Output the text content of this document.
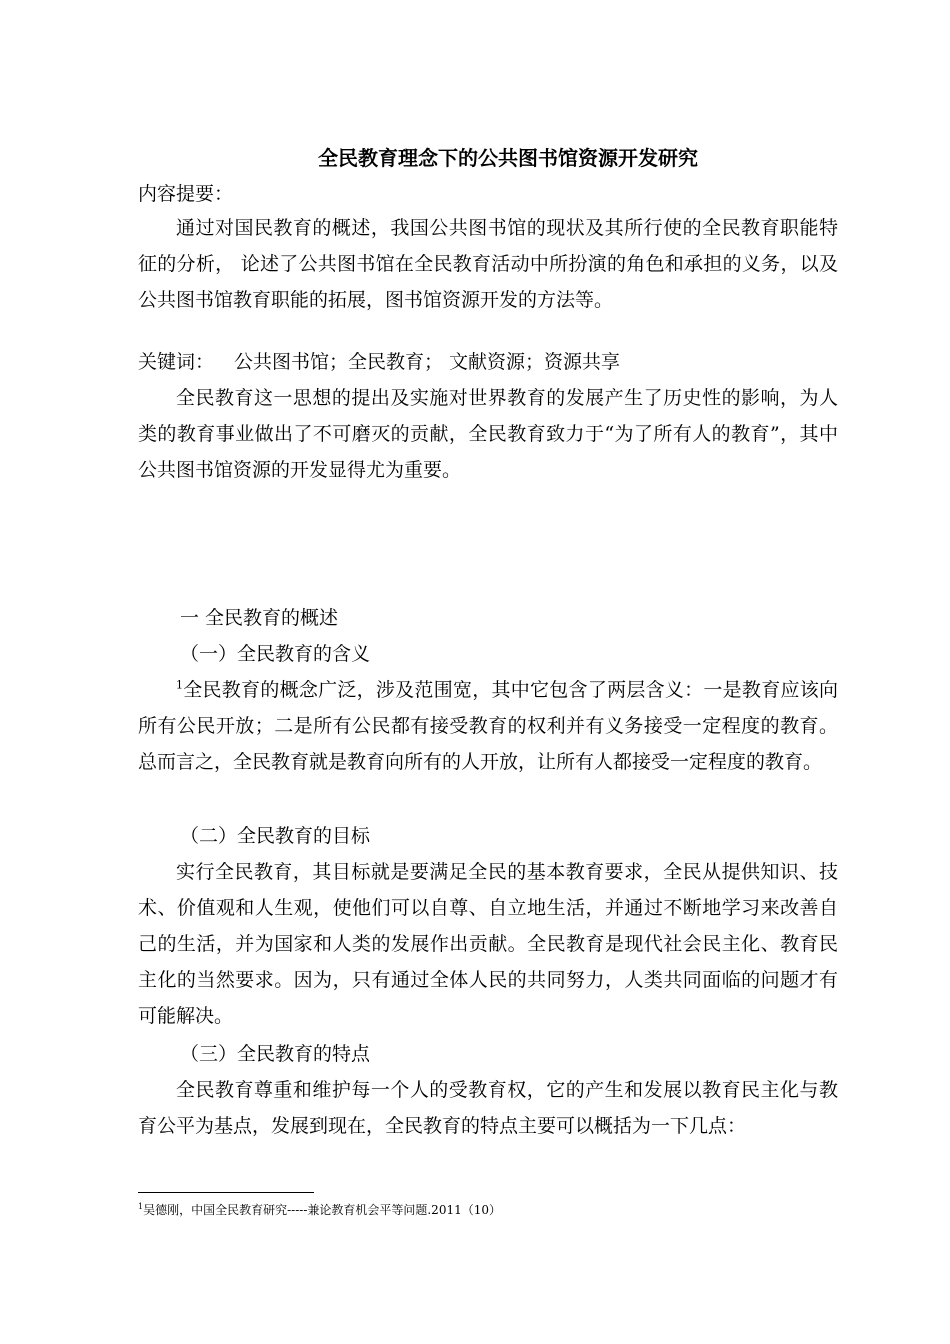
全民教育理念下的公共图书馆资源开发研究
内容提要：
通过对国民教育的概述，我国公共图书馆的现状及其所行使的全民教育职能特征的分析， 论述了公共图书馆在全民教育活动中所扮演的角色和承担的义务，以及公共图书馆教育职能的拓展，图书馆资源开发的方法等。
关键词： 公共图书馆；全民教育； 文献资源；资源共享
全民教育这一思想的提出及实施对世界教育的发展产生了历史性的影响，为人类的教育事业做出了不可磨灭的贡献，全民教育致力于“为了所有人的教育”，其中公共图书馆资源的开发显得尤为重要。
一 全民教育的概述
（一）全民教育的含义
$^1$全民教育的概念广泛，涉及范围宽，其中它包含了两层含义：一是教育应该向所有公民开放；二是所有公民都有接受教育的权利并有义务接受一定程度的教育。总而言之，全民教育就是教育向所有的人开放，让所有人都接受一定程度的教育。
（二）全民教育的目标
实行全民教育，其目标就是要满足全民的基本教育要求，全民从提供知识、技术、价值观和人生观，使他们可以自尊、自立地生活，并通过不断地学习来改善自己的生活，并为国家和人类的发展作出贡献。全民教育是现代社会民主化、教育民主化的当然要求。因为，只有通过全体人民的共同努力，人类共同面临的问题才有可能解决。
（三）全民教育的特点
全民教育尊重和维护每一个人的受教育权，它的产生和发展以教育民主化与教育公平为基点，发展到现在，全民教育的特点主要可以概括为一下几点：
$^1$吴德刚，中国全民教育研究-----兼论教育机会平等问题.2011（10）
